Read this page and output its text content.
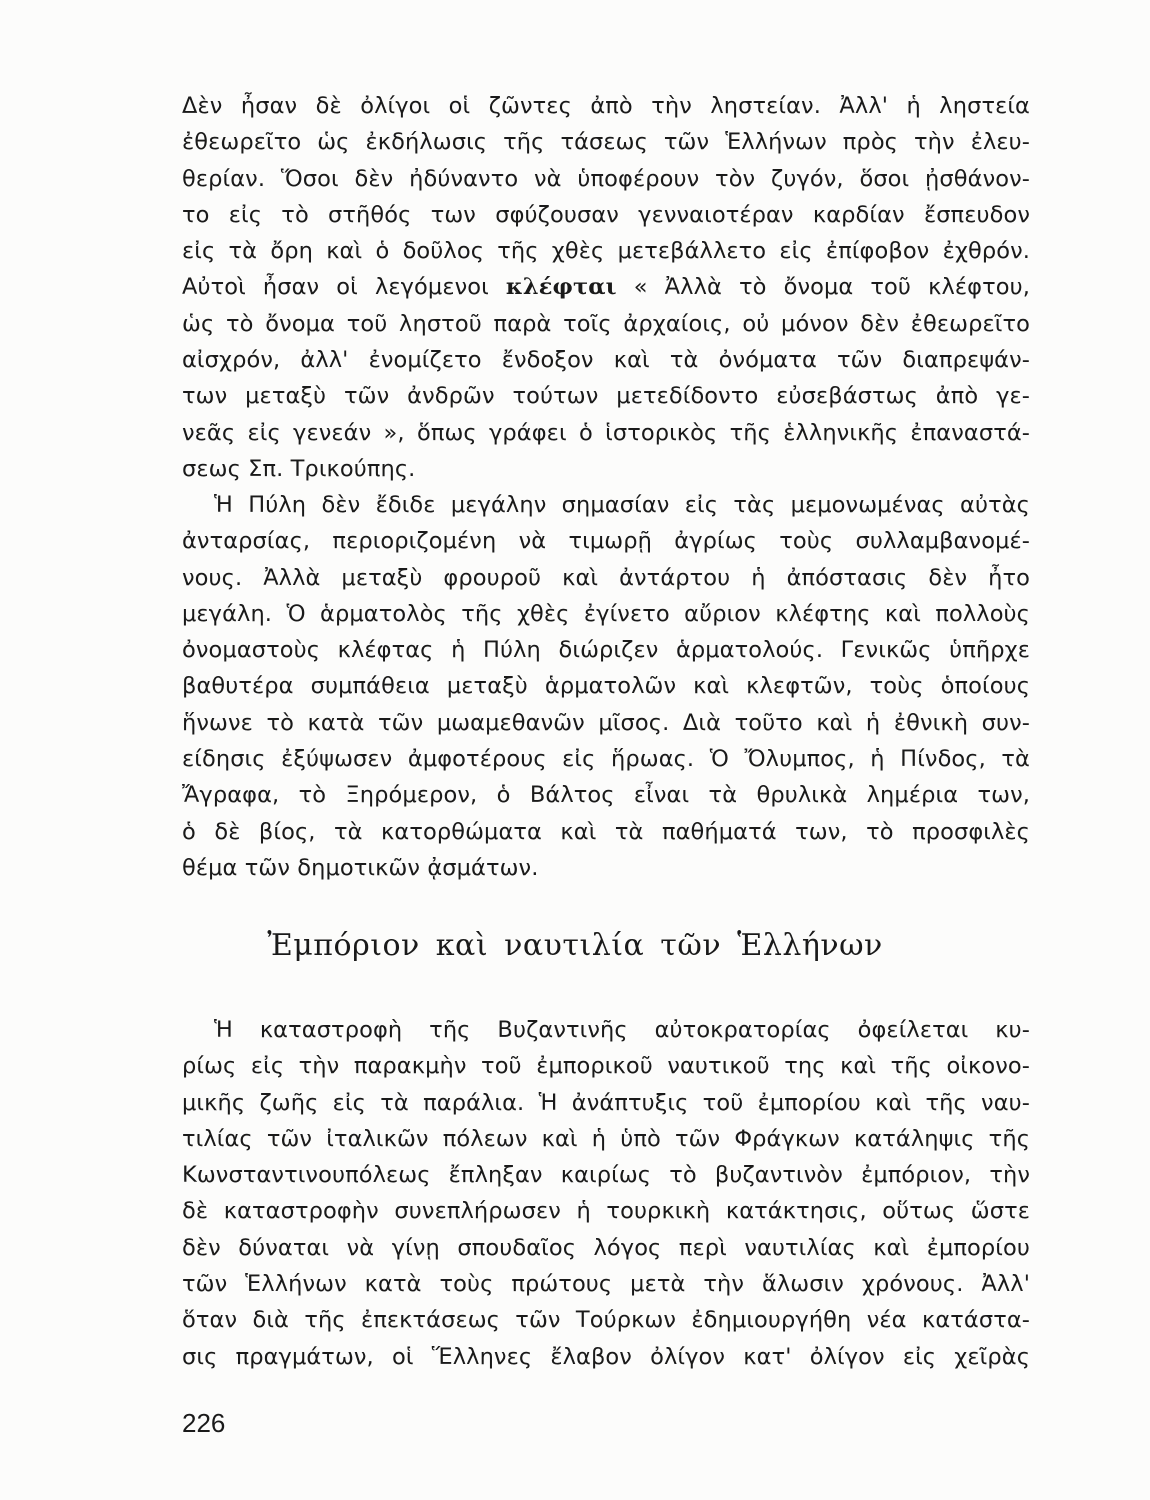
Δὲν ἦσαν δὲ ὀλίγοι οἱ ζῶντες ἀπὸ τὴν ληστείαν. Ἀλλ' ἡ ληστεία
ἐθεωρεῖτο ὡς ἐκδήλωσις τῆς τάσεως τῶν Ἑλλήνων πρὸς τὴν ἐλευ-
θερίαν. Ὅσοι δὲν ἠδύναντο νὰ ὑποφέρουν τὸν ζυγόν, ὅσοι ᾐσθάνον-
το εἰς τὸ στῆθός των σφύζουσαν γενναιοτέραν καρδίαν ἔσπευδον
εἰς τὰ ὄρη καὶ ὁ δοῦλος τῆς χθὲς μετεβάλλετο εἰς ἐπίφοβον ἐχθρόν.
Αὐτοὶ ἦσαν οἱ λεγόμενοι κλέφται « Ἀλλὰ τὸ ὄνομα τοῦ κλέφτου,
ὡς τὸ ὄνομα τοῦ ληστοῦ παρὰ τοῖς ἀρχαίοις, οὐ μόνον δὲν ἐθεωρεῖτο
αἰσχρόν, ἀλλ' ἐνομίζετο ἔνδοξον καὶ τὰ ὀνόματα τῶν διαπρεψάν-
των μεταξὺ τῶν ἀνδρῶν τούτων μετεδίδοντο εὐσεβάστως ἀπὸ γε-
νεᾶς εἰς γενεάν », ὅπως γράφει ὁ ἱστορικὸς τῆς ἑλληνικῆς ἐπαναστά-
σεως Σπ. Τρικούπης.
Ἡ Πύλη δὲν ἔδιδε μεγάλην σημασίαν εἰς τὰς μεμονωμένας αὐτὰς
ἀνταρσίας, περιοριζομένη νὰ τιμωρῇ ἀγρίως τοὺς συλλαμβανομέ-
νους. Ἀλλὰ μεταξὺ φρουροῦ καὶ ἀντάρτου ἡ ἀπόστασις δὲν ἦτο
μεγάλη. Ὁ ἁρματολὸς τῆς χθὲς ἐγίνετο αὔριον κλέφτης καὶ πολλοὺς
ὀνομαστοὺς κλέφτας ἡ Πύλη διώριζεν ἁρματολούς. Γενικῶς ὑπῆρχε
βαθυτέρα συμπάθεια μεταξὺ ἁρματολῶν καὶ κλεφτῶν, τοὺς ὁποίους
ἥνωνε τὸ κατὰ τῶν μωαμεθανῶν μῖσος. Διὰ τοῦτο καὶ ἡ ἐθνικὴ συν-
είδησις ἐξύψωσεν ἀμφοτέρους εἰς ἥρωας. Ὁ Ὄλυμπος, ἡ Πίνδος, τὰ
Ἄγραφα, τὸ Ξηρόμερον, ὁ Βάλτος εἶναι τὰ θρυλικὰ λημέρια των,
ὁ δὲ βίος, τὰ κατορθώματα καὶ τὰ παθήματά των, τὸ προσφιλὲς
θέμα τῶν δημοτικῶν ᾀσμάτων.
Ἐμπόριον καὶ ναυτιλία τῶν Ἑλλήνων
Ἡ καταστροφὴ τῆς Βυζαντινῆς αὐτοκρατορίας ὀφείλεται κυ-
ρίως εἰς τὴν παρακμὴν τοῦ ἐμπορικοῦ ναυτικοῦ της καὶ τῆς οἰκονο-
μικῆς ζωῆς εἰς τὰ παράλια. Ἡ ἀνάπτυξις τοῦ ἐμπορίου καὶ τῆς ναυ-
τιλίας τῶν ἰταλικῶν πόλεων καὶ ἡ ὑπὸ τῶν Φράγκων κατάληψις τῆς
Κωνσταντινουπόλεως ἔπληξαν καιρίως τὸ βυζαντινὸν ἐμπόριον, τὴν
δὲ καταστροφὴν συνεπλήρωσεν ἡ τουρκικὴ κατάκτησις, οὕτως ὥστε
δὲν δύναται νὰ γίνῃ σπουδαῖος λόγος περὶ ναυτιλίας καὶ ἐμπορίου
τῶν Ἑλλήνων κατὰ τοὺς πρώτους μετὰ τὴν ἅλωσιν χρόνους. Ἀλλ'
ὅταν διὰ τῆς ἐπεκτάσεως τῶν Τούρκων ἐδημιουργήθη νέα κατάστα-
σις πραγμάτων, οἱ Ἕλληνες ἔλαβον ὀλίγον κατ' ὀλίγον εἰς χεῖρὰς
226
